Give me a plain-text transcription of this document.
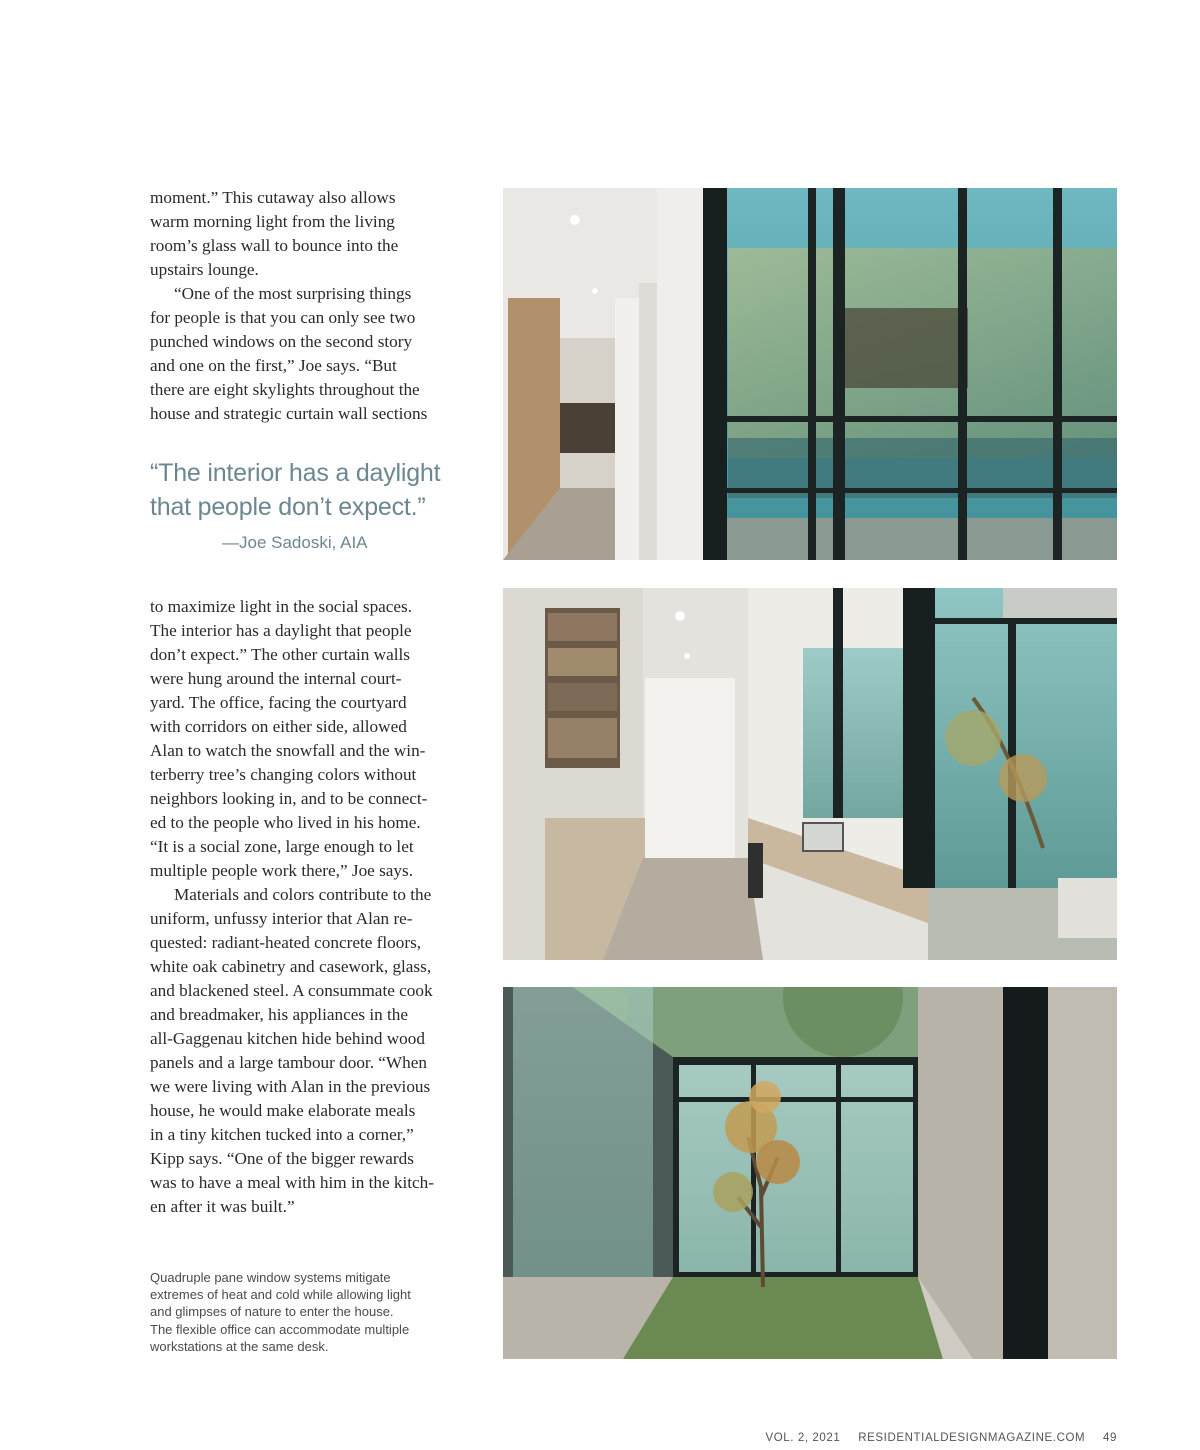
moment.” This cutaway also allows

warm morning light from the living

room’s glass wall to bounce into the

upstairs lounge.

“One of the most surprising things

for people is that you can only see two

punched windows on the second story

and one on the first,” Joe says. “But

there are eight skylights throughout the

house and strategic curtain wall sections

“The interior has a daylight
that people don’t expect.”
—Joe Sadoski, AIA

to maximize light in the social spaces.

The interior has a daylight that people

don’t expect.” The other curtain walls

were hung around the internal court-

yard. The office, facing the courtyard

with corridors on either side, allowed

Alan to watch the snowfall and the win-

terberry tree’s changing colors without

neighbors looking in, and to be connect-

ed to the people who lived in his home.

“It is a social zone, large enough to let

multiple people work there,” Joe says.

Materials and colors contribute to the

uniform, unfussy interior that Alan re-

quested: radiant-heated concrete floors,

white oak cabinetry and casework, glass,

and blackened steel. A consummate cook

and breadmaker, his appliances in the

all-Gaggenau kitchen hide behind wood

panels and a large tambour door. “When

we were living with Alan in the previous

house, he would make elaborate meals

in a tiny kitchen tucked into a corner,”

Kipp says. “One of the bigger rewards

was to have a meal with him in the kitch-

en after it was built.”

Quadruple pane window systems mitigate
extremes of heat and cold while allowing light
and glimpses of nature to enter the house.
The flexible office can accommodate multiple
workstations at the same desk.
VOL. 2, 2021 RESIDENTIALDESIGNMAGAZINE.COM 49
